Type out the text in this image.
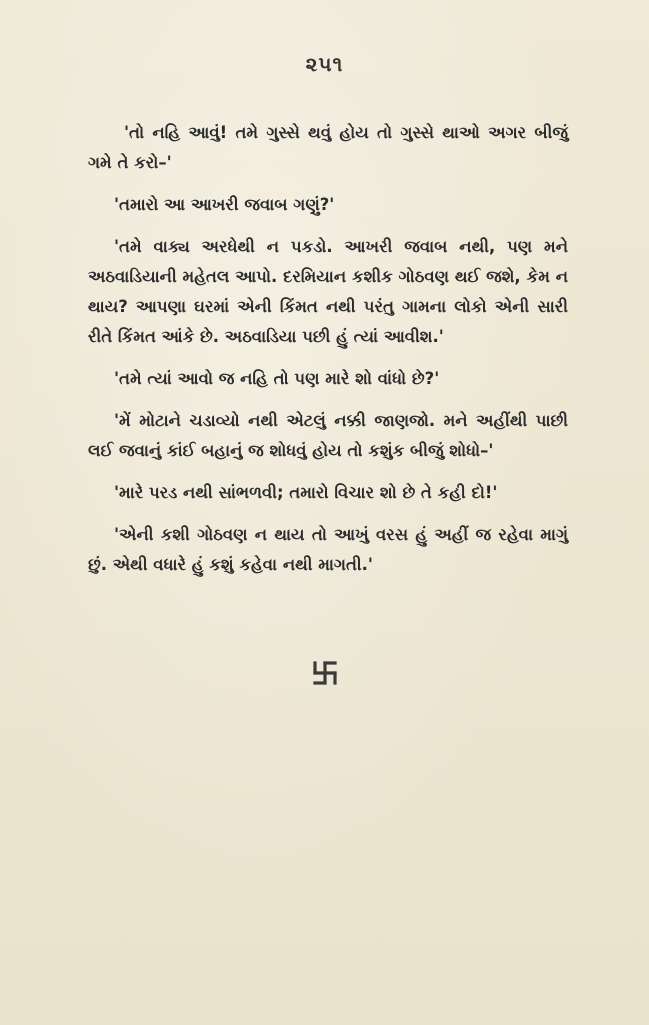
૨૫૧

'તો નહિ આવું! તમે ગુસ્સે થવું હોય તો ગુસ્સે થાઓ અગર બીજું ગમે તે કરો–'

'તમારો આ આખરી જવાબ ગણું?'

'તમે વાક્ય અરધેથી ન પકડો. આખરી જવાબ નથી, પણ મને અઠવાડિયાની મહેતલ આપો. દરમિયાન કશીક ગોઠવણ થઈ જશે, કેમ ન થાય? આપણા ઘરમાં એની કિંમત નથી પરંતુ ગામના લોકો એની સારી રીતે કિંમત આંકે છે. અઠવાડિયા પછી હું ત્યાં આવીશ.'

'તમે ત્યાં આવો જ નહિ તો પણ મારે શો વાંધો છે?'

'મેં મોટાને ચડાવ્યો નથી એટલું નક્કી જાણજો. મને અહીંથી પાછી લઈ જવાનું કાંઈ બહાનું જ શોધવું હોય તો કશુંક બીજું શોધો–'

'મારે પરડ નથી સાંભળવી; તમારો વિચાર શો છે તે કહી દો!'

'એની કશી ગોઠવણ ન થાય તો આખું વરસ હું અહીં જ રહેવા માગું છું. એથી વધારે હું કશું કહેવા નથી માગતી.'
